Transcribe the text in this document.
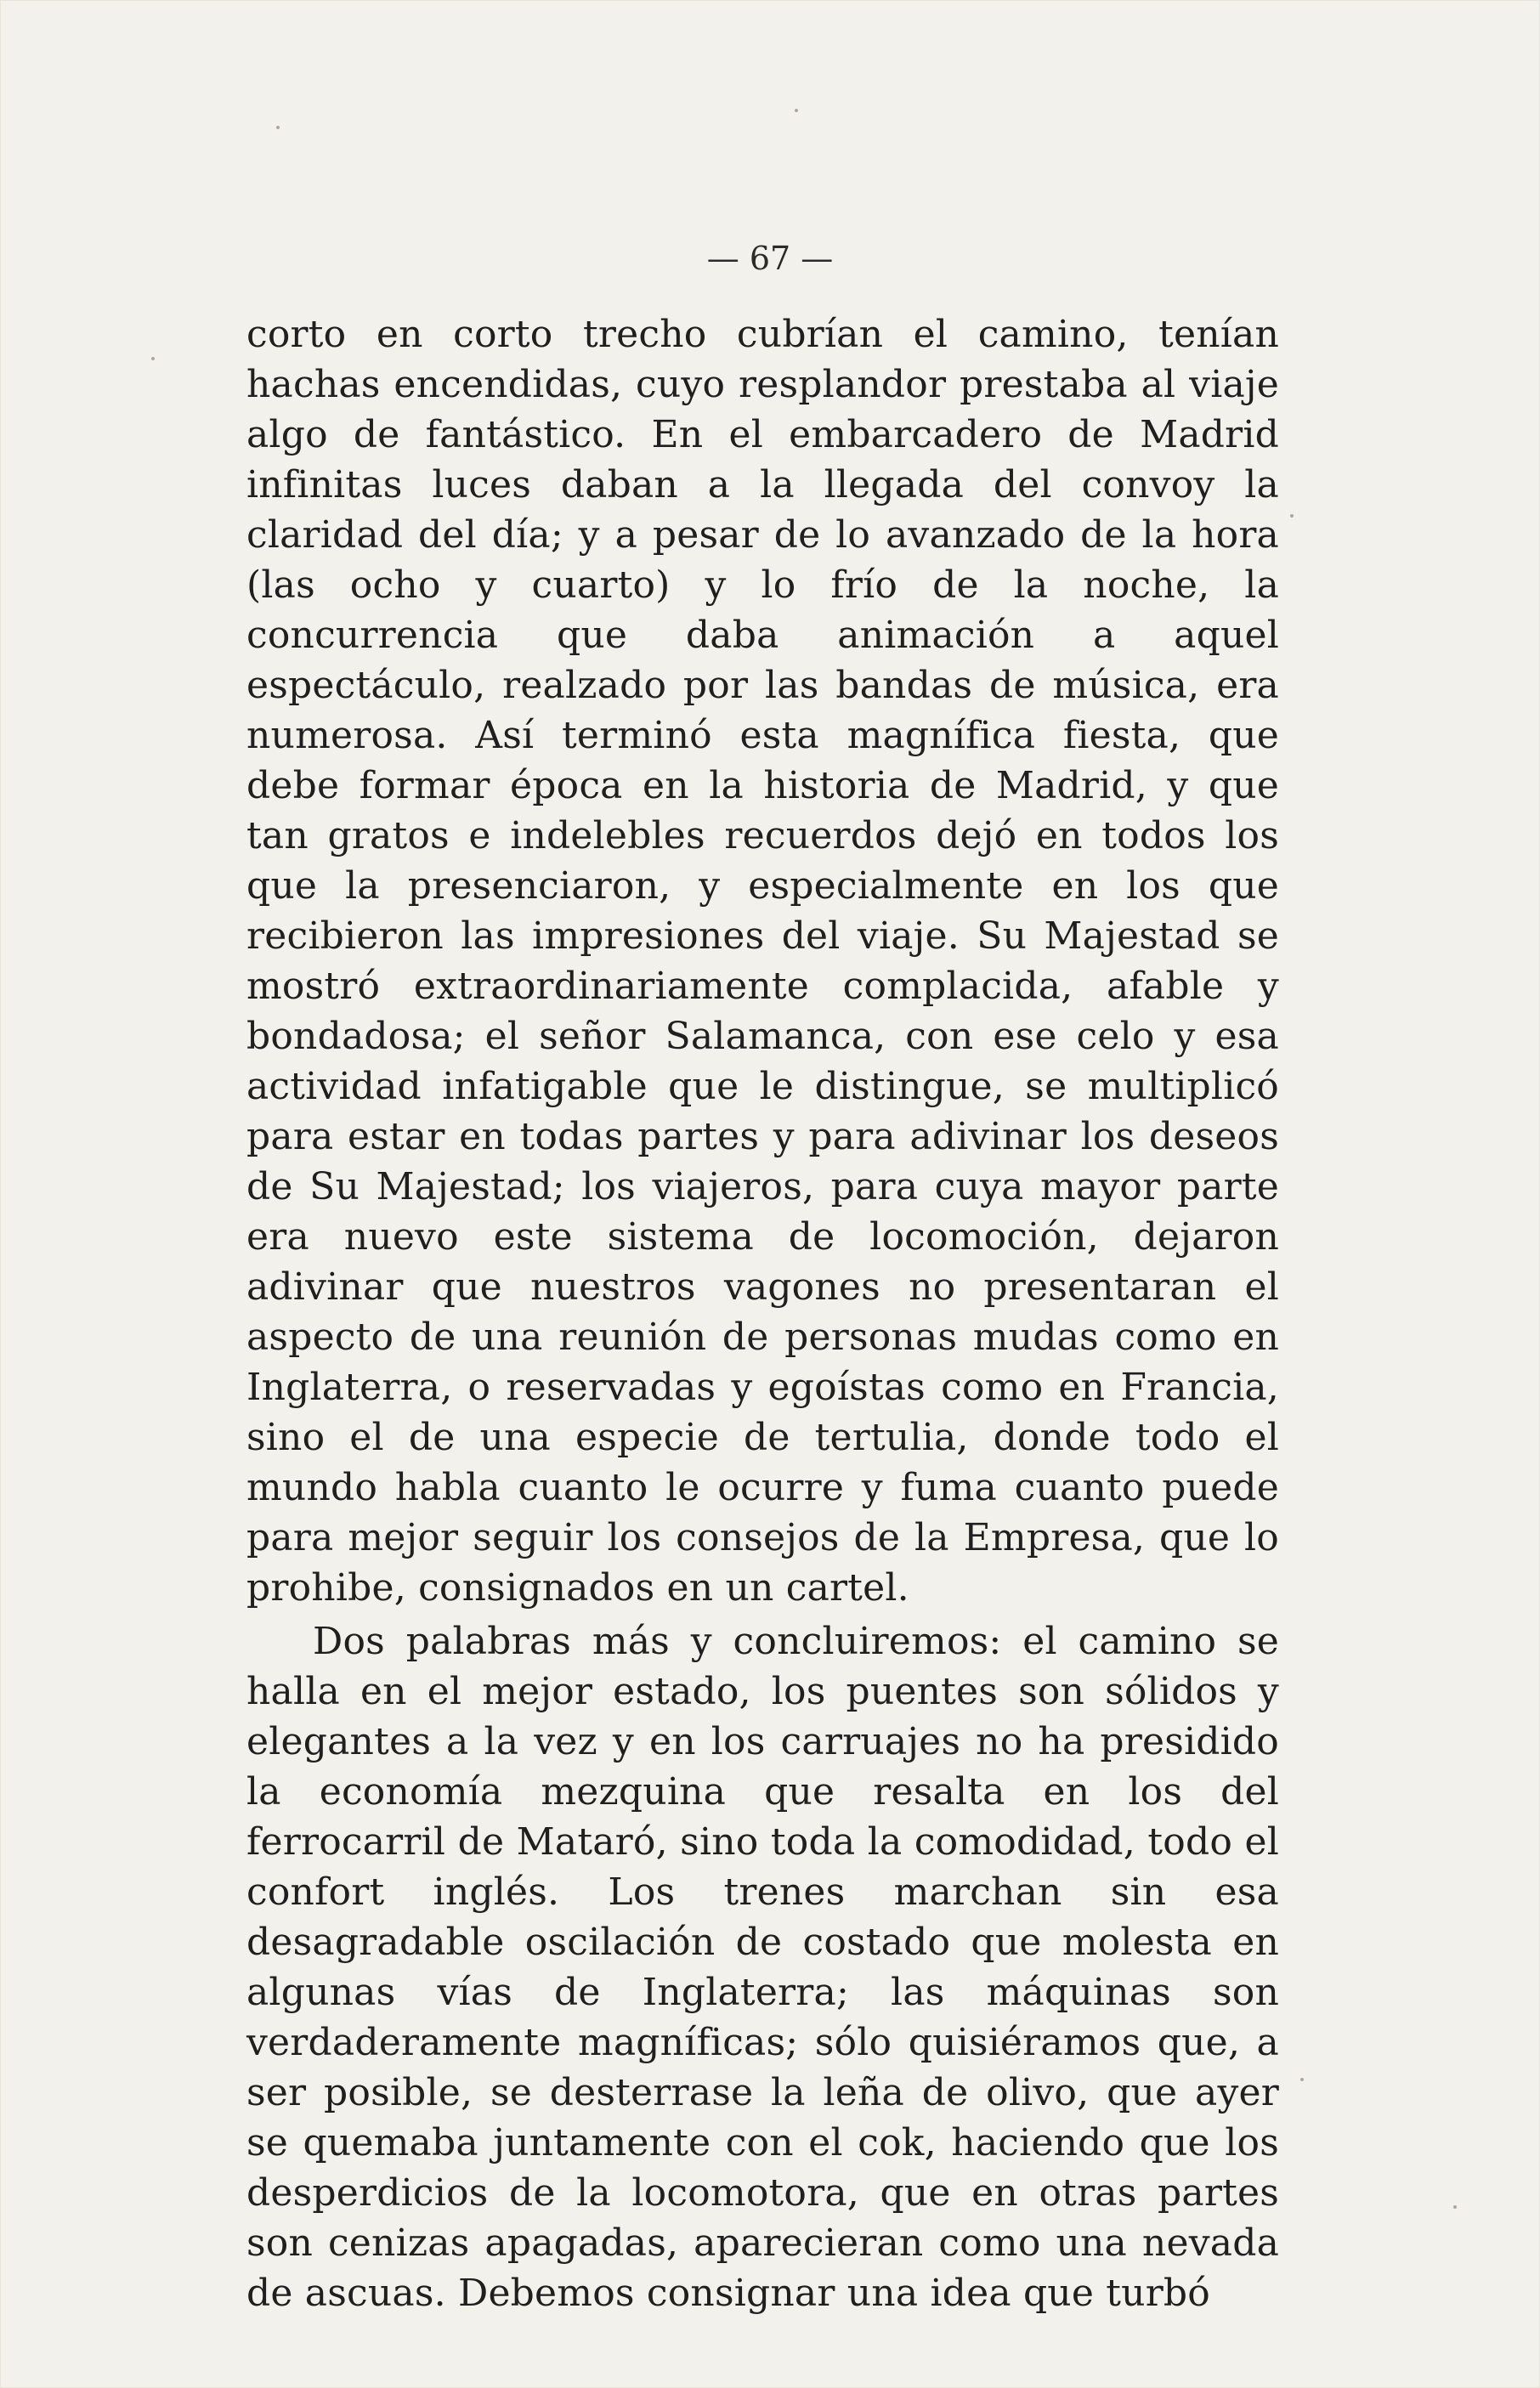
— 67 —

corto en corto trecho cubrían el camino, tenían hachas encendidas, cuyo resplandor prestaba al viaje algo de fantástico. En el embarcadero de Madrid infinitas luces daban a la llegada del convoy la claridad del día; y a pesar de lo avanzado de la hora (las ocho y cuarto) y lo frío de la noche, la concurrencia que daba animación a aquel espectáculo, realzado por las bandas de música, era numerosa. Así terminó esta magnífica fiesta, que debe formar época en la historia de Madrid, y que tan gratos e indelebles recuerdos dejó en todos los que la presenciaron, y especialmente en los que recibieron las impresiones del viaje. Su Majestad se mostró extraordinariamente complacida, afable y bondadosa; el señor Salamanca, con ese celo y esa actividad infatigable que le distingue, se multiplicó para estar en todas partes y para adivinar los deseos de Su Majestad; los viajeros, para cuya mayor parte era nuevo este sistema de locomoción, dejaron adivinar que nuestros vagones no presentaran el aspecto de una reunión de personas mudas como en Inglaterra, o reservadas y egoístas como en Francia, sino el de una especie de tertulia, donde todo el mundo habla cuanto le ocurre y fuma cuanto puede para mejor seguir los consejos de la Empresa, que lo prohibe, consignados en un cartel.

Dos palabras más y concluiremos: el camino se halla en el mejor estado, los puentes son sólidos y elegantes a la vez y en los carruajes no ha presidido la economía mezquina que resalta en los del ferrocarril de Mataró, sino toda la comodidad, todo el confort inglés. Los trenes marchan sin esa desagradable oscilación de costado que molesta en algunas vías de Inglaterra; las máquinas son verdaderamente magníficas; sólo quisiéramos que, a ser posible, se desterrase la leña de olivo, que ayer se quemaba juntamente con el cok, haciendo que los desperdicios de la locomotora, que en otras partes son cenizas apagadas, aparecieran como una nevada de ascuas. Debemos consignar una idea que turbó
